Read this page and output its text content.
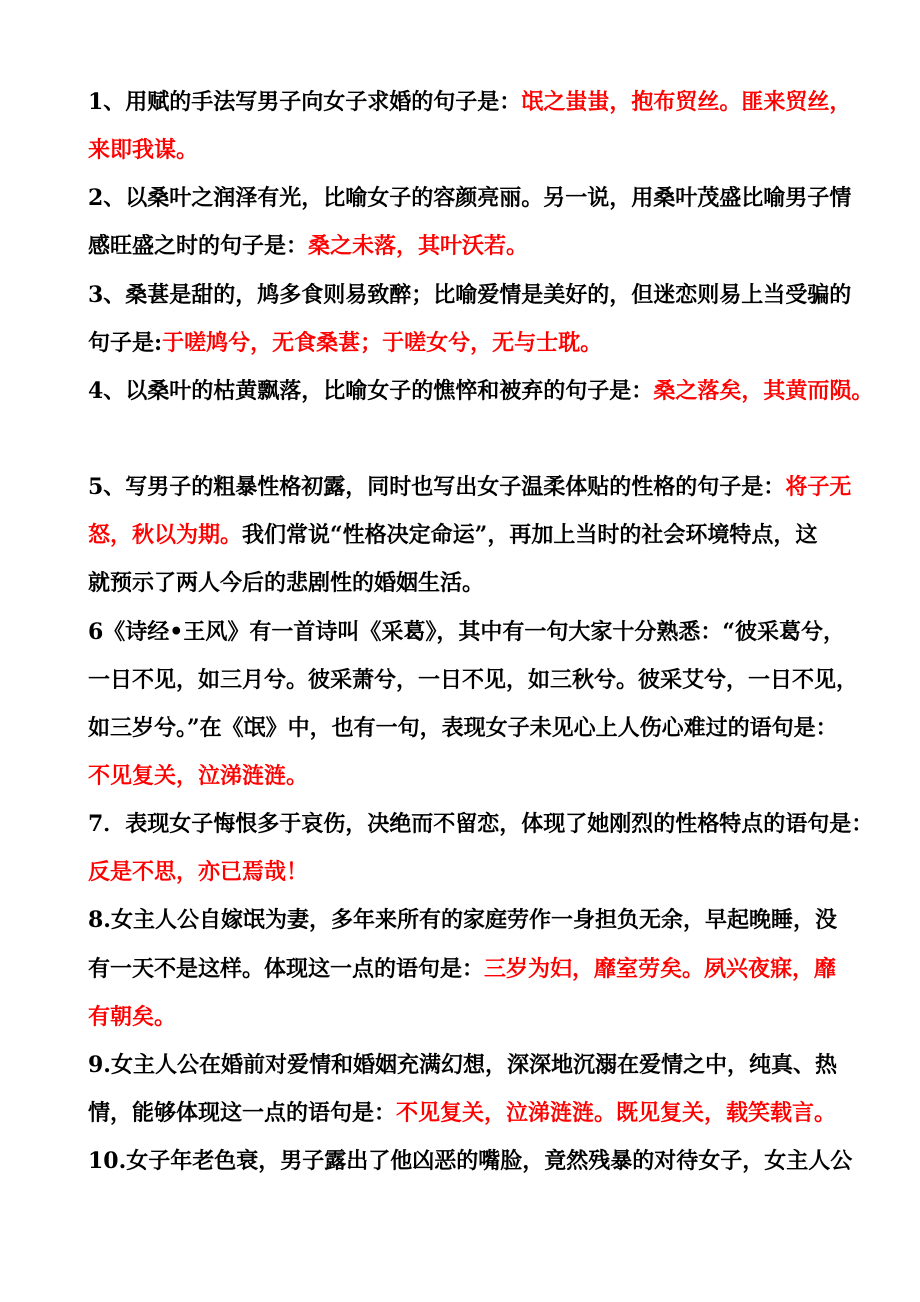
1、用赋的手法写男子向女子求婚的句子是：氓之蚩蚩，抱布贸丝。匪来贸丝，
来即我谋。
2、以桑叶之润泽有光，比喻女子的容颜亮丽。另一说，用桑叶茂盛比喻男子情
感旺盛之时的句子是：桑之未落，其叶沃若。
3、桑葚是甜的，鸠多食则易致醉；比喻爱情是美好的，但迷恋则易上当受骗的
句子是:于嗟鸠兮，无食桑葚；于嗟女兮，无与士耽。
4、以桑叶的枯黄飘落，比喻女子的憔悴和被弃的句子是：桑之落矣，其黄而陨。
5、写男子的粗暴性格初露，同时也写出女子温柔体贴的性格的句子是：将子无
怒，秋以为期。我们常说“性格决定命运”，再加上当时的社会环境特点，这
就预示了两人今后的悲剧性的婚姻生活。
6《诗经•王风》有一首诗叫《采葛》，其中有一句大家十分熟悉：“彼采葛兮，
一日不见，如三月兮。彼采萧兮，一日不见，如三秋兮。彼采艾兮，一日不见，
如三岁兮。”在《氓》中，也有一句，表现女子未见心上人伤心难过的语句是：
不见复关，泣涕涟涟。
7．表现女子悔恨多于哀伤，决绝而不留恋，体现了她刚烈的性格特点的语句是：
反是不思，亦已焉哉！
8.女主人公自嫁氓为妻，多年来所有的家庭劳作一身担负无余，早起晚睡，没
有一天不是这样。体现这一点的语句是：三岁为妇，靡室劳矣。夙兴夜寐，靡
有朝矣。
9.女主人公在婚前对爱情和婚姻充满幻想，深深地沉溺在爱情之中，纯真、热
情，能够体现这一点的语句是：不见复关，泣涕涟涟。既见复关，载笑载言。
10.女子年老色衰，男子露出了他凶恶的嘴脸，竟然残暴的对待女子，女主人公
